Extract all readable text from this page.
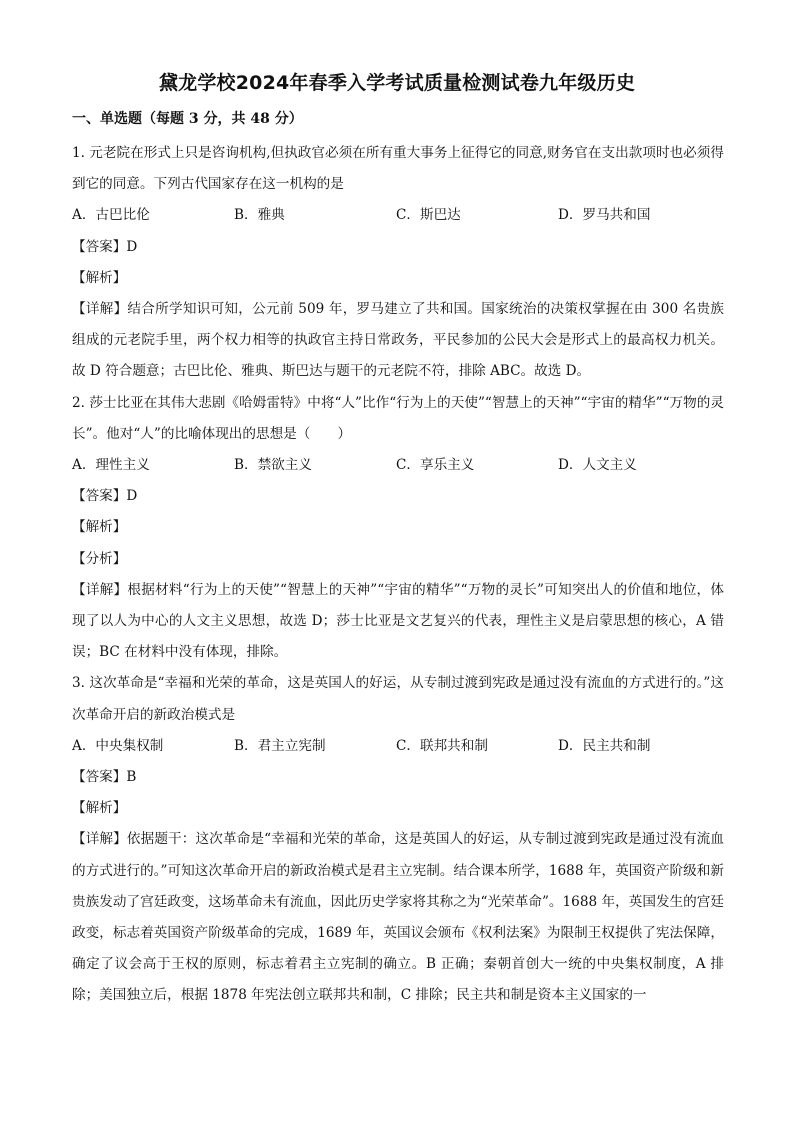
黛龙学校2024年春季入学考试质量检测试卷九年级历史
一、单选题（每题 3 分，共 48 分）

1. 元老院在形式上只是咨询机构,但执政官必须在所有重大事务上征得它的同意,财务官在支出款项时也必须得到它的同意。下列古代国家存在这一机构的是

A．古巴比伦	B．雅典	C．斯巴达	D．罗马共和国

【答案】D

【解析】

【详解】结合所学知识可知，公元前 509 年，罗马建立了共和国。国家统治的决策权掌握在由 300 名贵族组成的元老院手里，两个权力相等的执政官主持日常政务，平民参加的公民大会是形式上的最高权力机关。故 D 符合题意；古巴比伦、雅典、斯巴达与题干的元老院不符，排除 ABC。故选 D。

2. 莎士比亚在其伟大悲剧《哈姆雷特》中将“人”比作“行为上的天使”“智慧上的天神”“宇宙的精华”“万物的灵长”。他对“人”的比喻体现出的思想是（　　）

A．理性主义	B．禁欲主义	C．享乐主义	D．人文主义

【答案】D

【解析】

【分析】

【详解】根据材料“行为上的天使”“智慧上的天神”“宇宙的精华”“万物的灵长”可知突出人的价值和地位，体现了以人为中心的人文主义思想，故选 D；莎士比亚是文艺复兴的代表，理性主义是启蒙思想的核心，A 错误；BC 在材料中没有体现，排除。

3. 这次革命是“幸福和光荣的革命，这是英国人的好运，从专制过渡到宪政是通过没有流血的方式进行的。”这次革命开启的新政治模式是

A．中央集权制	B．君主立宪制	C．联邦共和制	D．民主共和制

【答案】B

【解析】

【详解】依据题干：这次革命是“幸福和光荣的革命，这是英国人的好运，从专制过渡到宪政是通过没有流血的方式进行的。”可知这次革命开启的新政治模式是君主立宪制。结合课本所学，1688 年，英国资产阶级和新贵族发动了宫廷政变，这场革命未有流血，因此历史学家将其称之为“光荣革命”。1688 年，英国发生的宫廷政变，标志着英国资产阶级革命的完成，1689 年，英国议会颁布《权利法案》为限制王权提供了宪法保障，确定了议会高于王权的原则，标志着君主立宪制的确立。B 正确；秦朝首创大一统的中央集权制度，A 排除；美国独立后，根据 1878 年宪法创立联邦共和制，C 排除；民主共和制是资本主义国家的一
